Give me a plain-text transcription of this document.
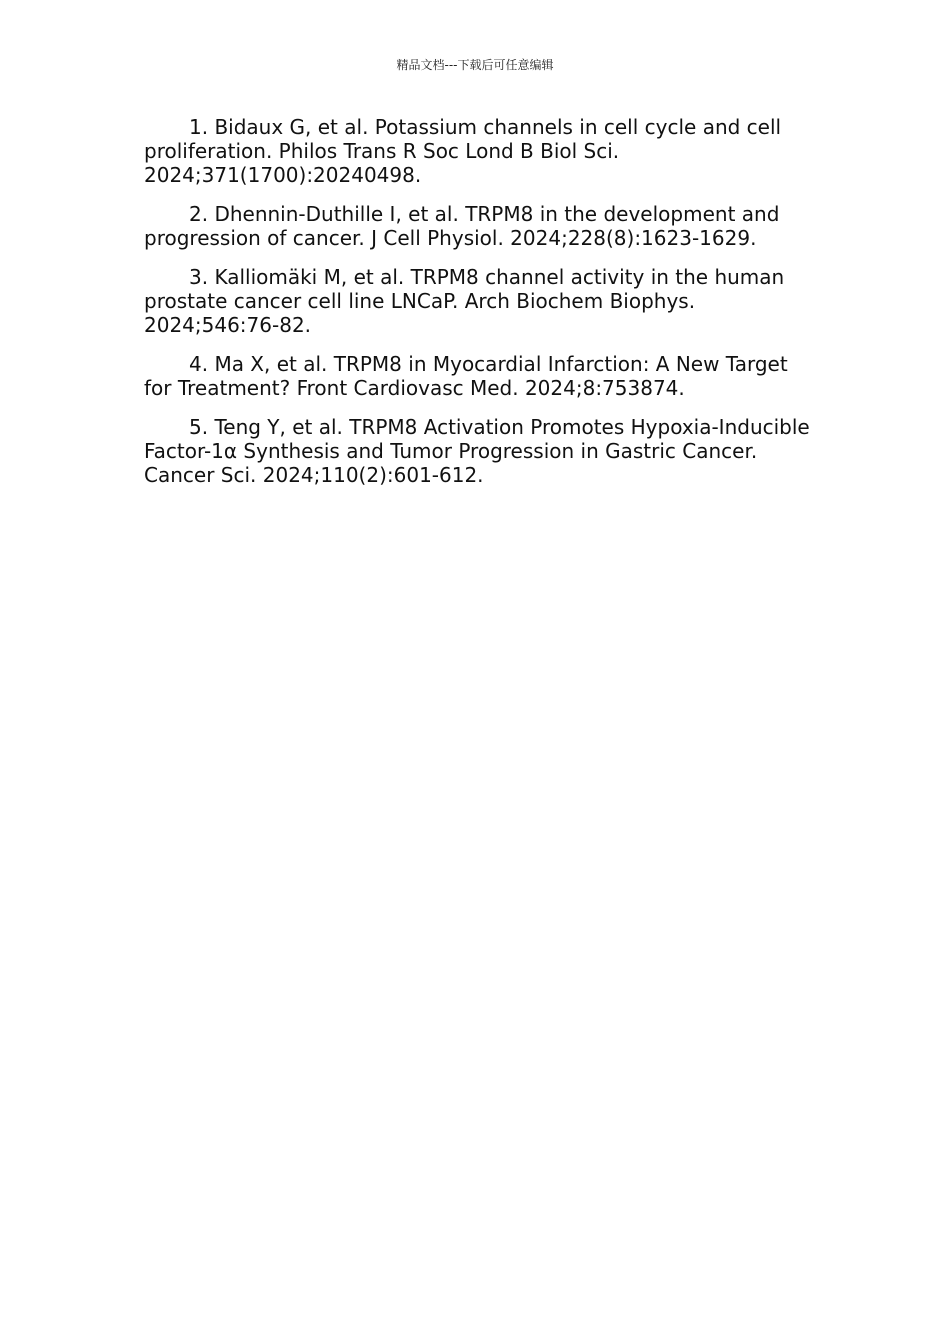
精品文档---下载后可任意编辑

1. Bidaux G, et al. Potassium channels in cell cycle and cell proliferation. Philos Trans R Soc Lond B Biol Sci. 2024;371(1700):20240498.

2. Dhennin-Duthille I, et al. TRPM8 in the development and progression of cancer. J Cell Physiol. 2024;228(8):1623-1629.

3. Kalliomäki M, et al. TRPM8 channel activity in the human prostate cancer cell line LNCaP. Arch Biochem Biophys. 2024;546:76-82.

4. Ma X, et al. TRPM8 in Myocardial Infarction: A New Target for Treatment? Front Cardiovasc Med. 2024;8:753874.

5. Teng Y, et al. TRPM8 Activation Promotes Hypoxia-Inducible Factor-1α Synthesis and Tumor Progression in Gastric Cancer. Cancer Sci. 2024;110(2):601-612.
